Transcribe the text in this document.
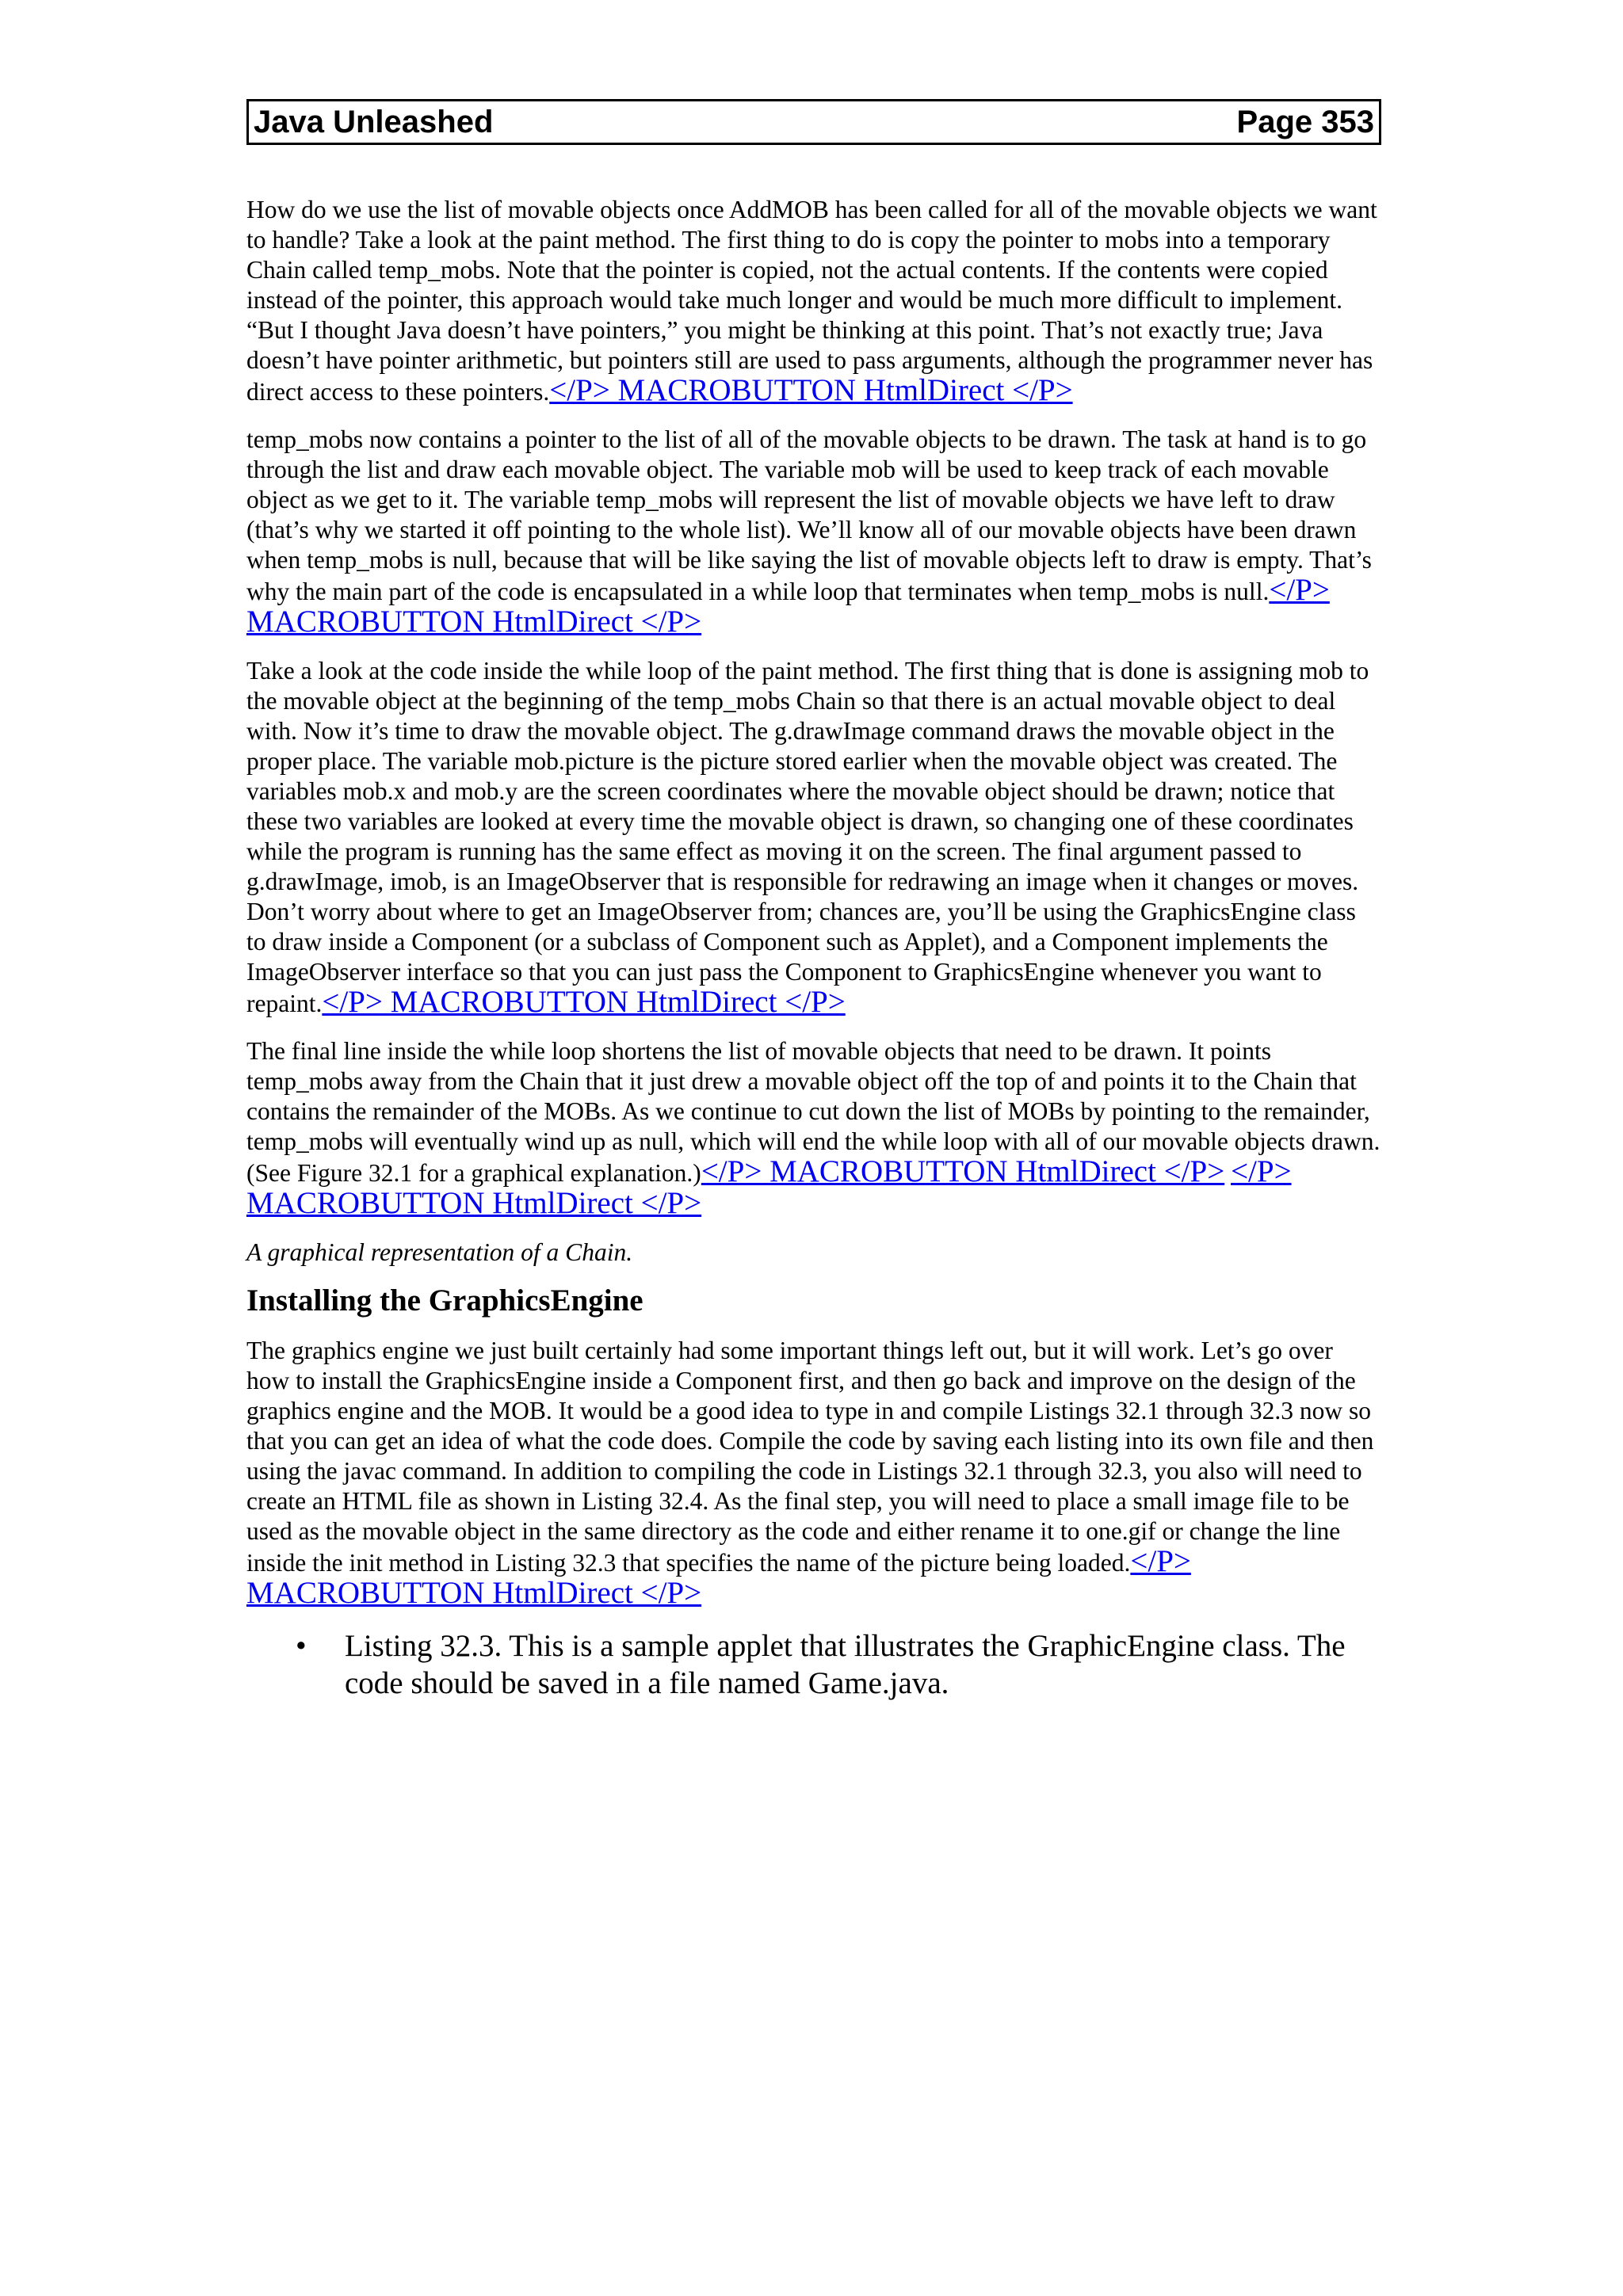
Java Unleashed	Page 353

How do we use the list of movable objects once AddMOB has been called for all of the movable objects we want to handle? Take a look at the paint method. The first thing to do is copy the pointer to mobs into a temporary Chain called temp_mobs. Note that the pointer is copied, not the actual contents. If the contents were copied instead of the pointer, this approach would take much longer and would be much more difficult to implement. “But I thought Java doesn’t have pointers,” you might be thinking at this point. That’s not exactly true; Java doesn’t have pointer arithmetic, but pointers still are used to pass arguments, although the programmer never has direct access to these pointers.</P> MACROBUTTON HtmlDirect </P>

temp_mobs now contains a pointer to the list of all of the movable objects to be drawn. The task at hand is to go through the list and draw each movable object. The variable mob will be used to keep track of each movable object as we get to it. The variable temp_mobs will represent the list of movable objects we have left to draw (that’s why we started it off pointing to the whole list). We’ll know all of our movable objects have been drawn when temp_mobs is null, because that will be like saying the list of movable objects left to draw is empty. That’s why the main part of the code is encapsulated in a while loop that terminates when temp_mobs is null.</P> MACROBUTTON HtmlDirect </P>

Take a look at the code inside the while loop of the paint method. The first thing that is done is assigning mob to the movable object at the beginning of the temp_mobs Chain so that there is an actual movable object to deal with. Now it’s time to draw the movable object. The g.drawImage command draws the movable object in the proper place. The variable mob.picture is the picture stored earlier when the movable object was created. The variables mob.x and mob.y are the screen coordinates where the movable object should be drawn; notice that these two variables are looked at every time the movable object is drawn, so changing one of these coordinates while the program is running has the same effect as moving it on the screen. The final argument passed to g.drawImage, imob, is an ImageObserver that is responsible for redrawing an image when it changes or moves. Don’t worry about where to get an ImageObserver from; chances are, you’ll be using the GraphicsEngine class to draw inside a Component (or a subclass of Component such as Applet), and a Component implements the ImageObserver interface so that you can just pass the Component to GraphicsEngine whenever you want to repaint.</P> MACROBUTTON HtmlDirect </P>

The final line inside the while loop shortens the list of movable objects that need to be drawn. It points temp_mobs away from the Chain that it just drew a movable object off the top of and points it to the Chain that contains the remainder of the MOBs. As we continue to cut down the list of MOBs by pointing to the remainder, temp_mobs will eventually wind up as null, which will end the while loop with all of our movable objects drawn. (See Figure 32.1 for a graphical explanation.)</P> MACROBUTTON HtmlDirect </P> </P> MACROBUTTON HtmlDirect </P>

A graphical representation of a Chain.

Installing the GraphicsEngine

The graphics engine we just built certainly had some important things left out, but it will work. Let’s go over how to install the GraphicsEngine inside a Component first, and then go back and improve on the design of the graphics engine and the MOB. It would be a good idea to type in and compile Listings 32.1 through 32.3 now so that you can get an idea of what the code does. Compile the code by saving each listing into its own file and then using the javac command. In addition to compiling the code in Listings 32.1 through 32.3, you also will need to create an HTML file as shown in Listing 32.4. As the final step, you will need to place a small image file to be used as the movable object in the same directory as the code and either rename it to one.gif or change the line inside the init method in Listing 32.3 that specifies the name of the picture being loaded.</P> MACROBUTTON HtmlDirect </P>

• Listing 32.3. This is a sample applet that illustrates the GraphicEngine class. The code should be saved in a file named Game.java.
